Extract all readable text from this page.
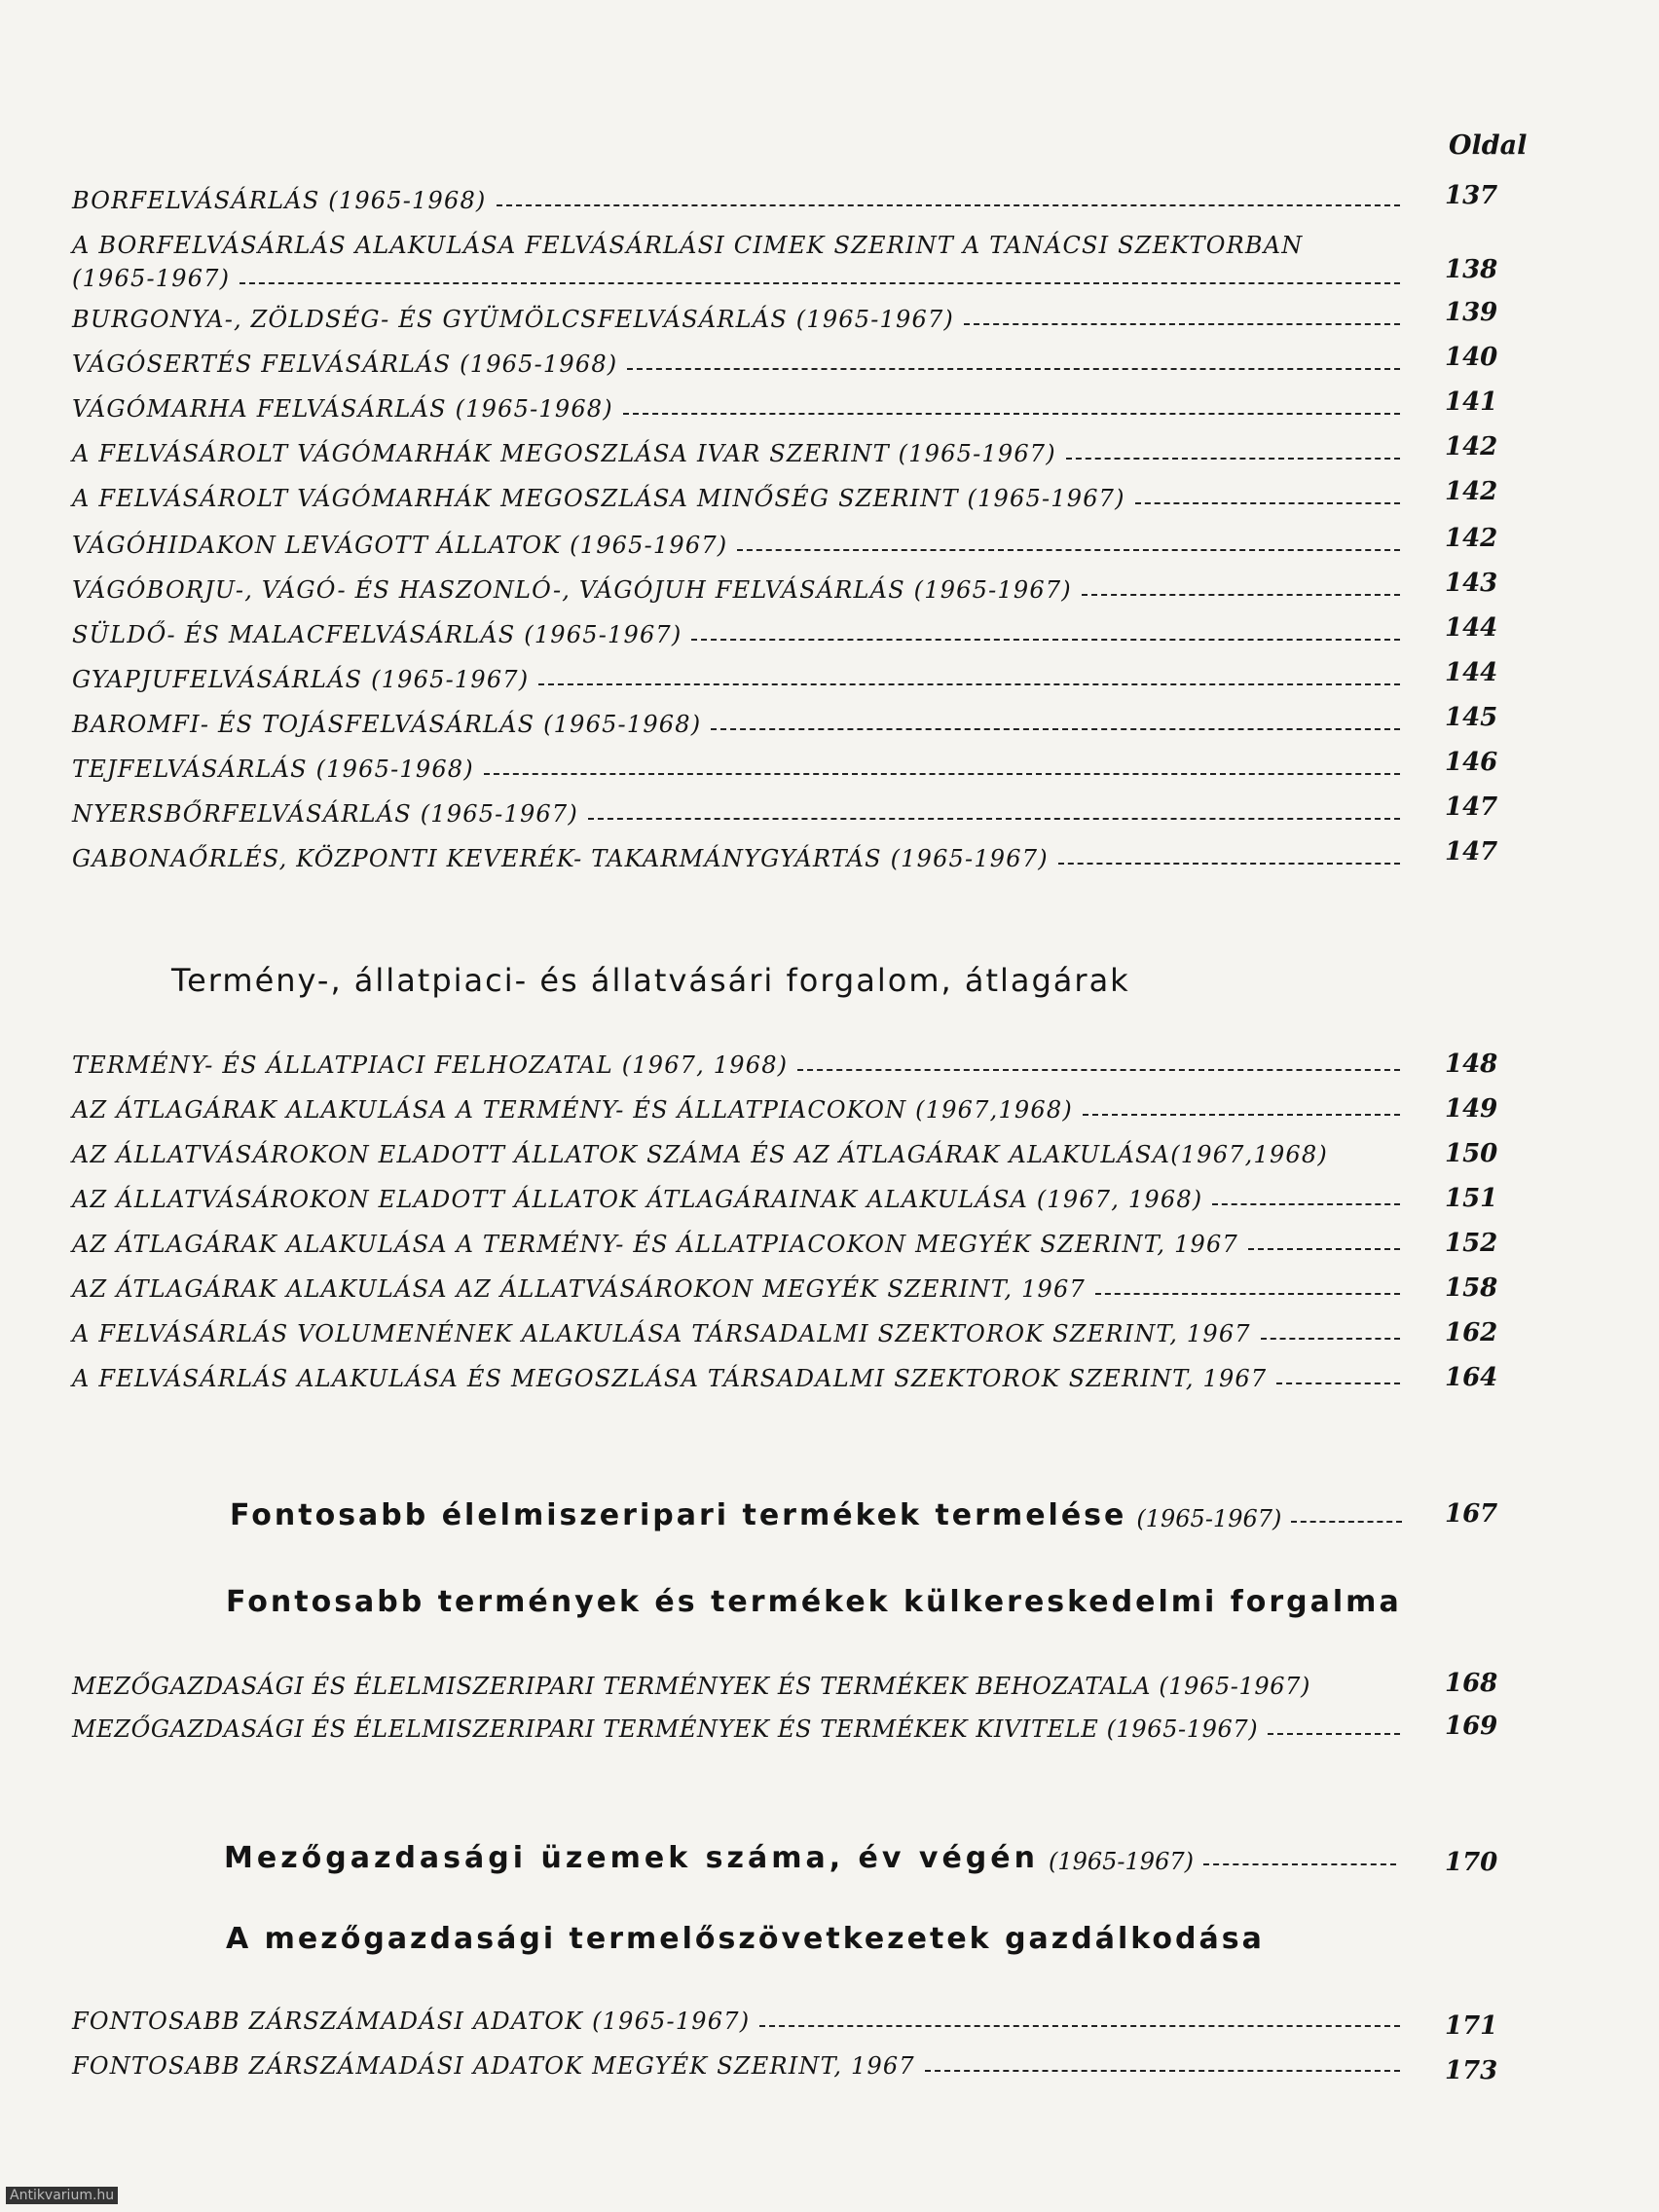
Oldal
BORFELVÁSÁRLÁS (1965-1968)	137
A BORFELVÁSÁRLÁS ALAKULÁSA FELVÁSÁRLÁSI CIMEK SZERINT A TANÁCSI SZEKTORBAN
(1965-1967)	138
BURGONYA-, ZÖLDSÉG- ÉS GYÜMÖLCSFELVÁSÁRLÁS (1965-1967)	139
VÁGÓSERTÉS FELVÁSÁRLÁS (1965-1968)	140
VÁGÓMARHA FELVÁSÁRLÁS (1965-1968)	141
A FELVÁSÁROLT VÁGÓMARHÁK MEGOSZLÁSA IVAR SZERINT (1965-1967)	142
A FELVÁSÁROLT VÁGÓMARHÁK MEGOSZLÁSA MINŐSÉG SZERINT (1965-1967)	142
VÁGÓHIDAKON LEVÁGOTT ÁLLATOK (1965-1967)	142
VÁGÓBORJU-, VÁGÓ- ÉS HASZONLÓ-, VÁGÓJUH FELVÁSÁRLÁS (1965-1967)	143
SÜLDŐ- ÉS MALACFELVÁSÁRLÁS (1965-1967)	144
GYAPJUFELVÁSÁRLÁS (1965-1967)	144
BAROMFI- ÉS TOJÁSFELVÁSÁRLÁS (1965-1968)	145
TEJFELVÁSÁRLÁS (1965-1968)	146
NYERSBŐRFELVÁSÁRLÁS (1965-1967)	147
GABONAŐRLÉS, KÖZPONTI KEVERÉK- TAKARMÁNYGYÁRTÁS (1965-1967)	147
Termény-, állatpiaci- és állatvásári forgalom, átlagárak
TERMÉNY- ÉS ÁLLATPIACI FELHOZATAL (1967, 1968)	148
AZ ÁTLAGÁRAK ALAKULÁSA A TERMÉNY- ÉS ÁLLATPIACOKON (1967,1968)	149
AZ ÁLLATVÁSÁROKON ELADOTT ÁLLATOK SZÁMA ÉS AZ ÁTLAGÁRAK ALAKULÁSA(1967,1968)	150
AZ ÁLLATVÁSÁROKON ELADOTT ÁLLATOK ÁTLAGÁRAINAK ALAKULÁSA (1967, 1968)	151
AZ ÁTLAGÁRAK ALAKULÁSA A TERMÉNY- ÉS ÁLLATPIACOKON MEGYÉK SZERINT, 1967	152
AZ ÁTLAGÁRAK ALAKULÁSA AZ ÁLLATVÁSÁROKON MEGYÉK SZERINT, 1967	158
A FELVÁSÁRLÁS VOLUMENÉNEK ALAKULÁSA TÁRSADALMI SZEKTOROK SZERINT, 1967	162
A FELVÁSÁRLÁS ALAKULÁSA ÉS MEGOSZLÁSA TÁRSADALMI SZEKTOROK SZERINT, 1967	164
Fontosabb élelmiszeripari termékek termelése (1965-1967)	167
Fontosabb termények és termékek külkereskedelmi forgalma
MEZŐGAZDASÁGI ÉS ÉLELMISZERIPARI TERMÉNYEK ÉS TERMÉKEK BEHOZATALA (1965-1967)	168
MEZŐGAZDASÁGI ÉS ÉLELMISZERIPARI TERMÉNYEK ÉS TERMÉKEK KIVITELE (1965-1967)	169
Mezőgazdasági üzemek száma, év végén (1965-1967)	170
A mezőgazdasági termelőszövetkezetek gazdálkodása
FONTOSABB ZÁRSZÁMADÁSI ADATOK (1965-1967)	171
FONTOSABB ZÁRSZÁMADÁSI ADATOK MEGYÉK SZERINT, 1967	173
Antikvarium.hu
